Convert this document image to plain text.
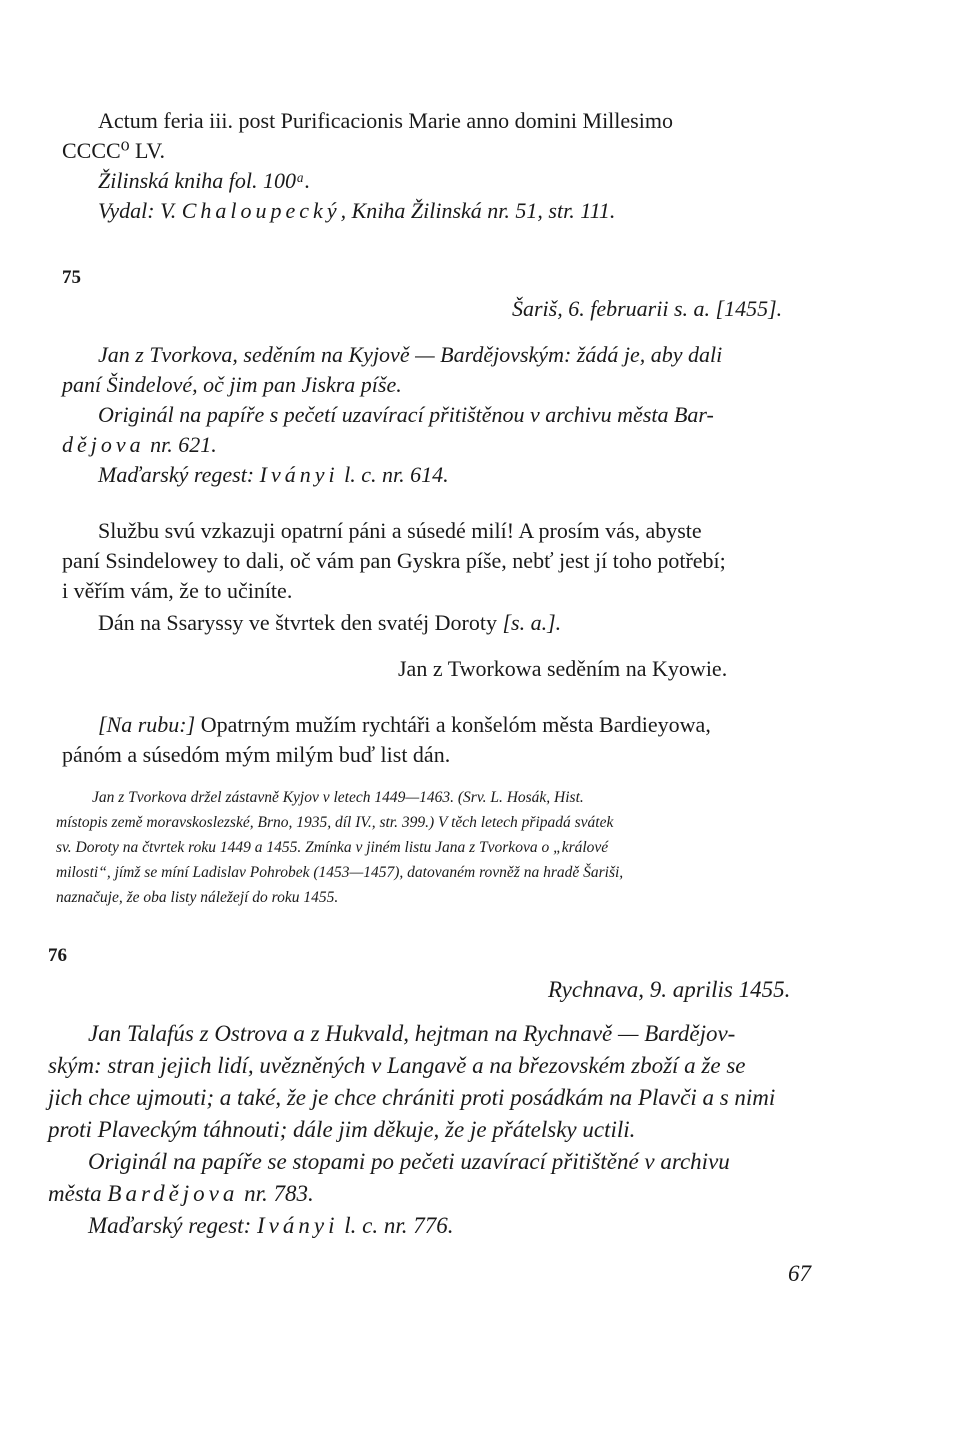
Actum feria iii. post Purificacionis Marie anno domini Millesimo
CCCC⁰ LV.
Žilinská kniha fol. 100ᵃ.
Vydal: V. Chaloupecký, Kniha Žilinská nr. 51, str. 111.
75
Šariš, 6. februarii s. a. [1455].
Jan z Tvorkova, seděním na Kyjově — Bardějovským: žádá je, aby dali
paní Šindelové, oč jim pan Jiskra píše.
Originál na papíře s pečetí uzavírací přitištěnou v archivu města Bar-
dějova nr. 621.
Maďarský regest: Iványi l. c. nr. 614.
Službu svú vzkazuji opatrní páni a súsedé milí! A prosím vás, abyste
paní Ssindelowey to dali, oč vám pan Gyskra píše, nebť jest jí toho potřebí;
i věřím vám, že to učiníte.
Dán na Ssaryssy ve štvrtek den svatéj Doroty [s. a.].
Jan z Tworkowa seděním na Kyowie.
[Na rubu:] Opatrným mužím rychtáři a konšelóm města Bardieyowa,
pánóm a súsedóm mým milým buď list dán.
Jan z Tvorkova držel zástavně Kyjov v letech 1449—1463. (Srv. L. Hosák, Hist.
místopis země moravskoslezské, Brno, 1935, díl IV., str. 399.) V těch letech připadá svátek
sv. Doroty na čtvrtek roku 1449 a 1455. Zmínka v jiném listu Jana z Tvorkova o „králové
milosti“, jímž se míní Ladislav Pohrobek (1453—1457), datovaném rovněž na hradě Šariši,
naznačuje, že oba listy náležejí do roku 1455.
76
Rychnava, 9. aprilis 1455.
Jan Talafús z Ostrova a z Hukvald, hejtman na Rychnavě — Bardějov-
ským: stran jejich lidí, uvězněných v Langavě a na březovském zboží a že se
jich chce ujmouti; a také, že je chce chrániti proti posádkám na Plavči a s nimi
proti Plaveckým táhnouti; dále jim děkuje, že je přátelsky uctili.
Originál na papíře se stopami po pečeti uzavírací přitištěné v archivu
města Bardějova nr. 783.
Maďarský regest: Iványi l. c. nr. 776.
67
